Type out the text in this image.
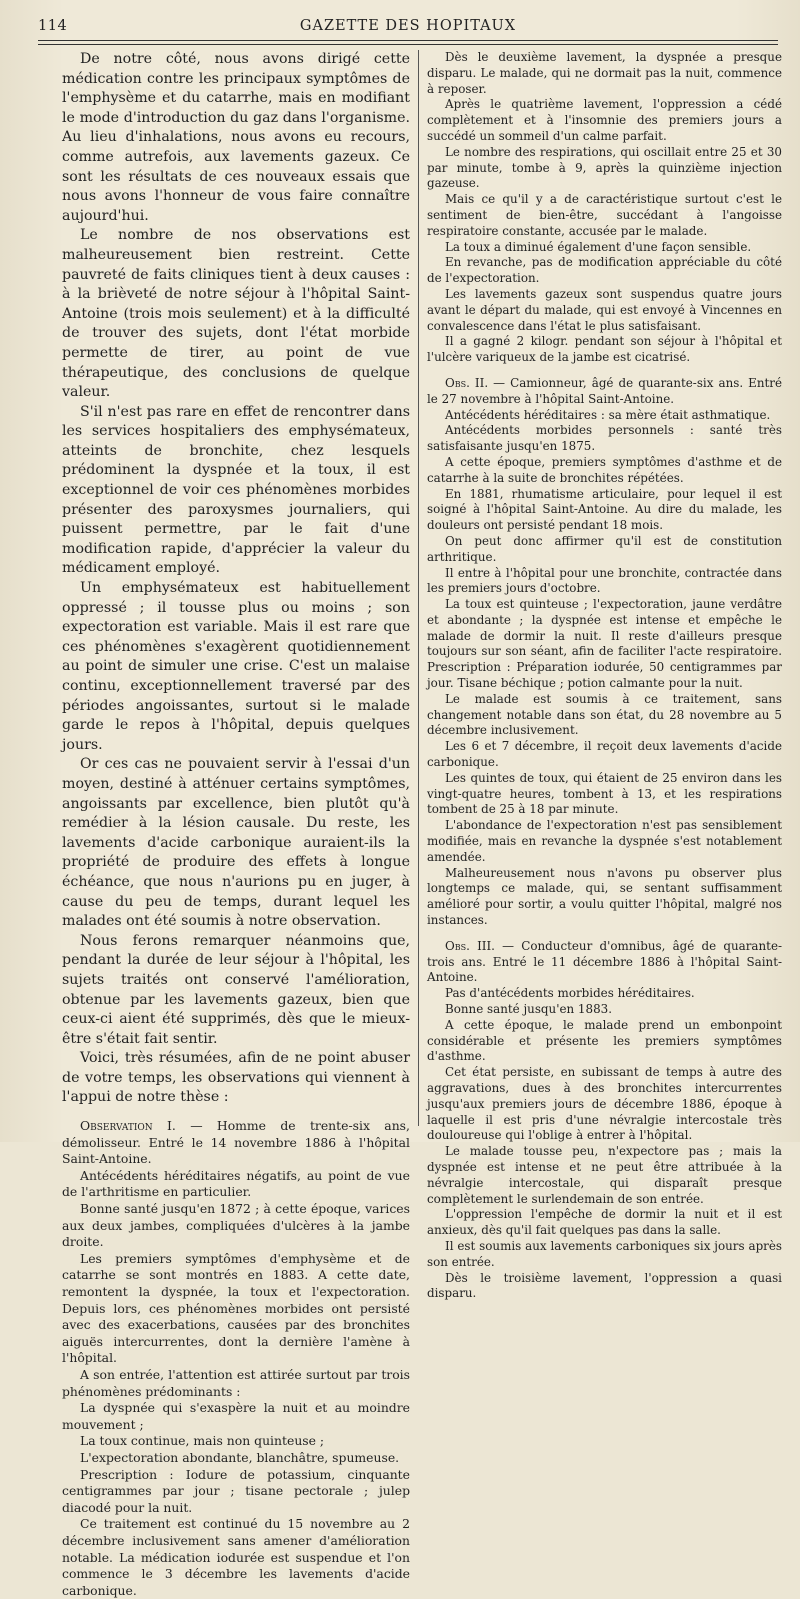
114	GAZETTE DES HOPITAUX

De notre côté, nous avons dirigé cette médication contre les principaux symptômes de l'emphysème et du catarrhe, mais en modifiant le mode d'introduction du gaz dans l'organisme. Au lieu d'inhalations, nous avons eu recours, comme autrefois, aux lavements gazeux. Ce sont les résultats de ces nouveaux essais que nous avons l'honneur de vous faire connaître aujourd'hui.

Le nombre de nos observations est malheureusement bien restreint. Cette pauvreté de faits cliniques tient à deux causes : à la brièveté de notre séjour à l'hôpital Saint-Antoine (trois mois seulement) et à la difficulté de trouver des sujets, dont l'état morbide permette de tirer, au point de vue thérapeutique, des conclusions de quelque valeur.

S'il n'est pas rare en effet de rencontrer dans les services hospitaliers des emphysémateux, atteints de bronchite, chez lesquels prédominent la dyspnée et la toux, il est exceptionnel de voir ces phénomènes morbides présenter des paroxysmes journaliers, qui puissent permettre, par le fait d'une modification rapide, d'apprécier la valeur du médicament employé.

Un emphysémateux est habituellement oppressé ; il tousse plus ou moins ; son expectoration est variable. Mais il est rare que ces phénomènes s'exagèrent quotidiennement au point de simuler une crise. C'est un malaise continu, exceptionnellement traversé par des périodes angoissantes, surtout si le malade garde le repos à l'hôpital, depuis quelques jours.

Or ces cas ne pouvaient servir à l'essai d'un moyen, destiné à atténuer certains symptômes, angoissants par excellence, bien plutôt qu'à remédier à la lésion causale. Du reste, les lavements d'acide carbonique auraient-ils la propriété de produire des effets à longue échéance, que nous n'aurions pu en juger, à cause du peu de temps, durant lequel les malades ont été soumis à notre observation.

Nous ferons remarquer néanmoins que, pendant la durée de leur séjour à l'hôpital, les sujets traités ont conservé l'amélioration, obtenue par les lavements gazeux, bien que ceux-ci aient été supprimés, dès que le mieux-être s'était fait sentir.

Voici, très résumées, afin de ne point abuser de votre temps, les observations qui viennent à l'appui de notre thèse :

Observation I. — Homme de trente-six ans, démolisseur. Entré le 14 novembre 1886 à l'hôpital Saint-Antoine.

Antécédents héréditaires négatifs, au point de vue de l'arthritisme en particulier.

Bonne santé jusqu'en 1872 ; à cette époque, varices aux deux jambes, compliquées d'ulcères à la jambe droite.

Les premiers symptômes d'emphysème et de catarrhe se sont montrés en 1883. A cette date, remontent la dyspnée, la toux et l'expectoration. Depuis lors, ces phénomènes morbides ont persisté avec des exacerbations, causées par des bronchites aiguës intercurrentes, dont la dernière l'amène à l'hôpital.

A son entrée, l'attention est attirée surtout par trois phénomènes prédominants :

La dyspnée qui s'exaspère la nuit et au moindre mouvement ;

La toux continue, mais non quinteuse ;

L'expectoration abondante, blanchâtre, spumeuse.

Prescription : Iodure de potassium, cinquante centigrammes par jour ; tisane pectorale ; julep diacodé pour la nuit.

Ce traitement est continué du 15 novembre au 2 décembre inclusivement sans amener d'amélioration notable. La médication iodurée est suspendue et l'on commence le 3 décembre les lavements d'acide carbonique.

Dès le deuxième lavement, la dyspnée a presque disparu. Le malade, qui ne dormait pas la nuit, commence à reposer.

Après le quatrième lavement, l'oppression a cédé complètement et à l'insomnie des premiers jours a succédé un sommeil d'un calme parfait.

Le nombre des respirations, qui oscillait entre 25 et 30 par minute, tombe à 9, après la quinzième injection gazeuse.

Mais ce qu'il y a de caractéristique surtout c'est le sentiment de bien-être, succédant à l'angoisse respiratoire constante, accusée par le malade.

La toux a diminué également d'une façon sensible.

En revanche, pas de modification appréciable du côté de l'expectoration.

Les lavements gazeux sont suspendus quatre jours avant le départ du malade, qui est envoyé à Vincennes en convalescence dans l'état le plus satisfaisant.

Il a gagné 2 kilogr. pendant son séjour à l'hôpital et l'ulcère variqueux de la jambe est cicatrisé.

Obs. II. — Camionneur, âgé de quarante-six ans. Entré le 27 novembre à l'hôpital Saint-Antoine.

Antécédents héréditaires : sa mère était asthmatique.

Antécédents morbides personnels : santé très satisfaisante jusqu'en 1875.

A cette époque, premiers symptômes d'asthme et de catarrhe à la suite de bronchites répétées.

En 1881, rhumatisme articulaire, pour lequel il est soigné à l'hôpital Saint-Antoine. Au dire du malade, les douleurs ont persisté pendant 18 mois.

On peut donc affirmer qu'il est de constitution arthritique.

Il entre à l'hôpital pour une bronchite, contractée dans les premiers jours d'octobre.

La toux est quinteuse ; l'expectoration, jaune verdâtre et abondante ; la dyspnée est intense et empêche le malade de dormir la nuit. Il reste d'ailleurs presque toujours sur son séant, afin de faciliter l'acte respiratoire. Prescription : Préparation iodurée, 50 centigrammes par jour. Tisane béchique ; potion calmante pour la nuit.

Le malade est soumis à ce traitement, sans changement notable dans son état, du 28 novembre au 5 décembre inclusivement.

Les 6 et 7 décembre, il reçoit deux lavements d'acide carbonique.

Les quintes de toux, qui étaient de 25 environ dans les vingt-quatre heures, tombent à 13, et les respirations tombent de 25 à 18 par minute.

L'abondance de l'expectoration n'est pas sensiblement modifiée, mais en revanche la dyspnée s'est notablement amendée.

Malheureusement nous n'avons pu observer plus longtemps ce malade, qui, se sentant suffisamment amélioré pour sortir, a voulu quitter l'hôpital, malgré nos instances.

Obs. III. — Conducteur d'omnibus, âgé de quarante-trois ans. Entré le 11 décembre 1886 à l'hôpital Saint-Antoine.

Pas d'antécédents morbides héréditaires.

Bonne santé jusqu'en 1883.

A cette époque, le malade prend un embonpoint considérable et présente les premiers symptômes d'asthme.

Cet état persiste, en subissant de temps à autre des aggravations, dues à des bronchites intercurrentes jusqu'aux premiers jours de décembre 1886, époque à laquelle il est pris d'une névralgie intercostale très douloureuse qui l'oblige à entrer à l'hôpital.

Le malade tousse peu, n'expectore pas ; mais la dyspnée est intense et ne peut être attribuée à la névralgie intercostale, qui disparaît presque complètement le surlendemain de son entrée.

L'oppression l'empêche de dormir la nuit et il est anxieux, dès qu'il fait quelques pas dans la salle.

Il est soumis aux lavements carboniques six jours après son entrée.

Dès le troisième lavement, l'oppression a quasi disparu.
